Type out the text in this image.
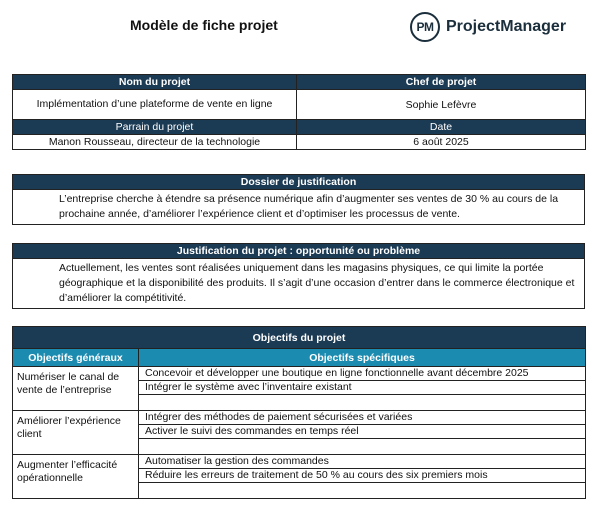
Modèle de fiche projet	PM ProjectManager
Nom du projet	Chef de projet
Implémentation d’une plateforme de vente en ligne	Sophie Lefèvre
Parrain du projet	Date
Manon Rousseau, directeur de la technologie	6 août 2025
Dossier de justification
L’entreprise cherche à étendre sa présence numérique afin d’augmenter ses ventes de 30 % au cours de la prochaine année, d’améliorer l’expérience client et d’optimiser les processus de vente.
Justification du projet : opportunité ou problème
Actuellement, les ventes sont réalisées uniquement dans les magasins physiques, ce qui limite la portée géographique et la disponibilité des produits. Il s’agit d’une occasion d’entrer dans le commerce électronique et d’améliorer la compétitivité.
Objectifs du projet	
Objectifs généraux	Objectifs spécifiques
Numériser le canal de vente de l’entreprise	Concevoir et développer une boutique en ligne fonctionnelle avant décembre 2025
	Intégrer le système avec l’inventaire existant

Améliorer l’expérience client	Intégrer des méthodes de paiement sécurisées et variées
	Activer le suivi des commandes en temps réel

Augmenter l’efficacité opérationnelle	Automatiser la gestion des commandes
	Réduire les erreurs de traitement de 50 % au cours des six premiers mois
